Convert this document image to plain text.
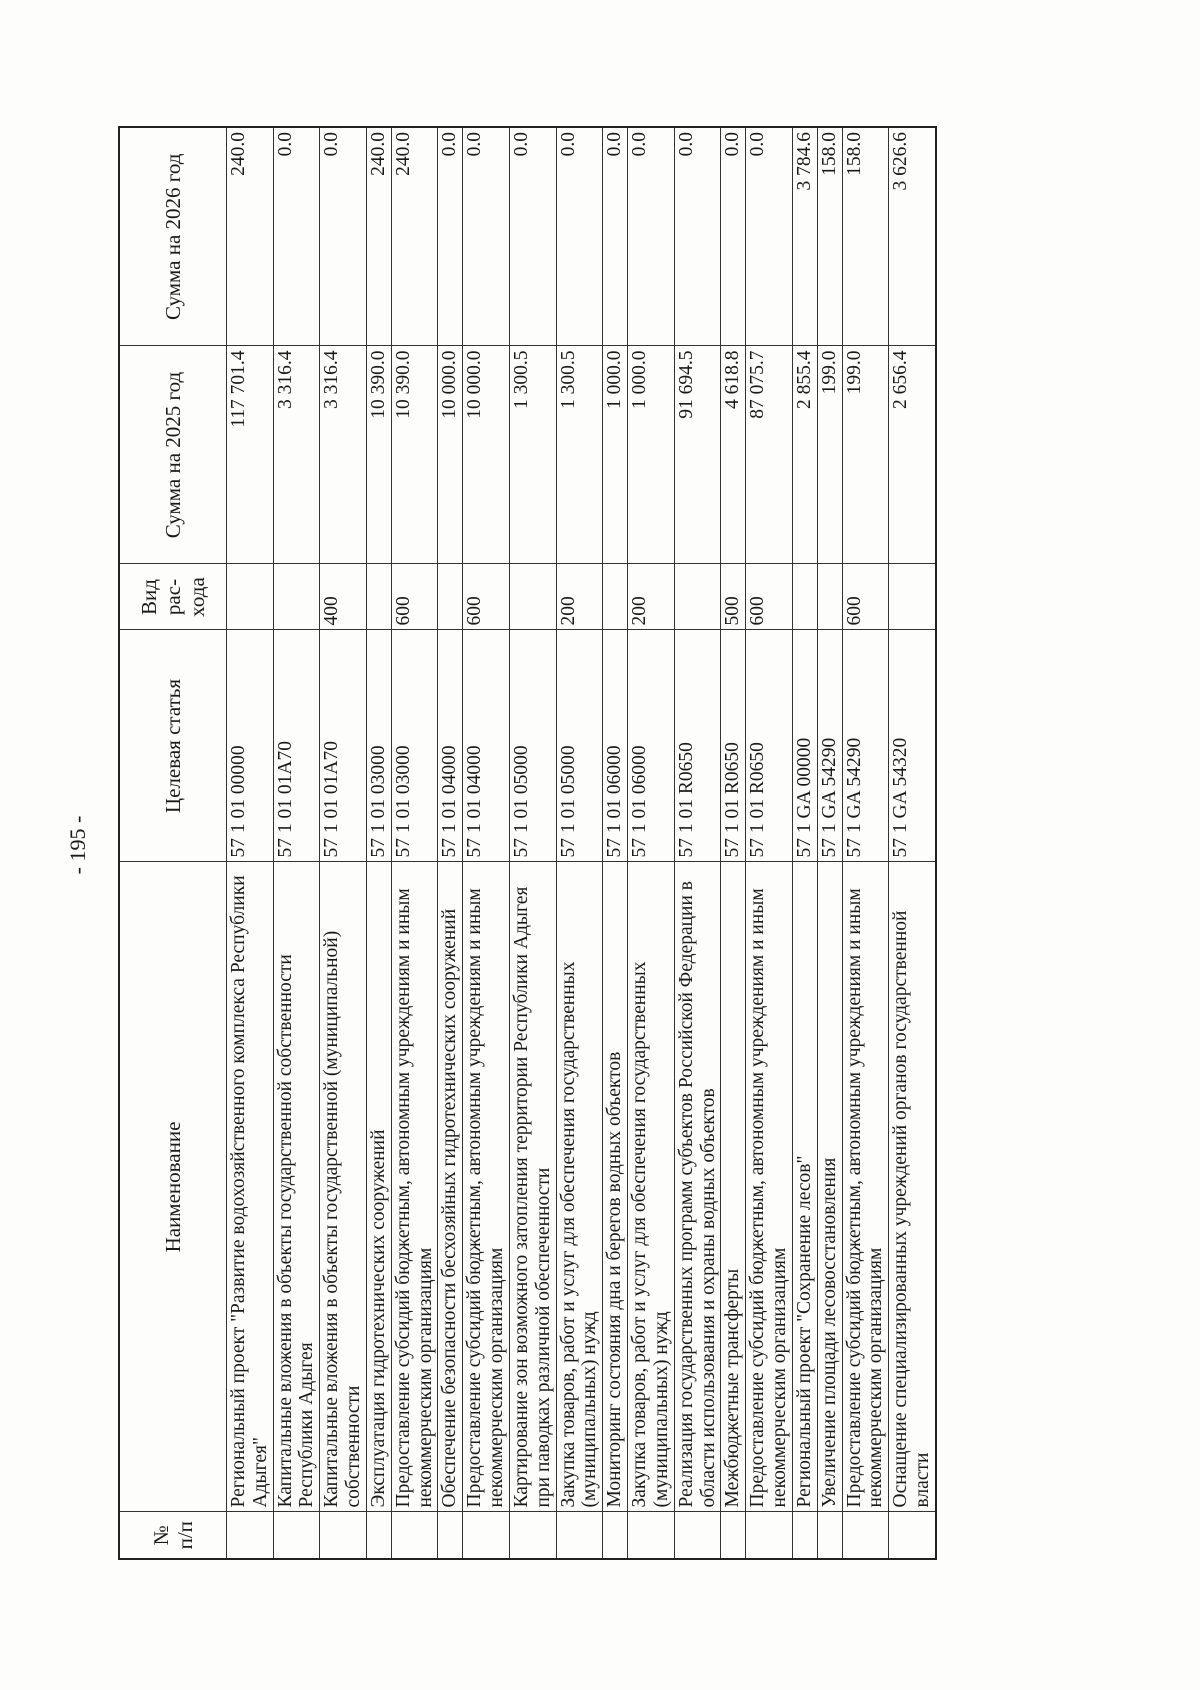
- 195 -
№ п/п	Наименование	Целевая статья	Вид рас-хода	Сумма на 2025 год	Сумма на 2026 год
	Региональный проект "Развитие водохозяйственного комплекса Республики Адыгея"	57 1 01 00000		117 701.4	240.0
	Капитальные вложения в объекты государственной собственности Республики Адыгея	57 1 01 01А70		3 316.4	0.0
	Капитальные вложения в объекты государственной (муниципальной) собственности	57 1 01 01А70	400	3 316.4	0.0
	Эксплуатация гидротехнических сооружений	57 1 01 03000		10 390.0	240.0
	Предоставление субсидий бюджетным, автономным учреждениям и иным некоммерческим организациям	57 1 01 03000	600	10 390.0	240.0
	Обеспечение безопасности бесхозяйных гидротехнических сооружений	57 1 01 04000		10 000.0	0.0
	Предоставление субсидий бюджетным, автономным учреждениям и иным некоммерческим организациям	57 1 01 04000	600	10 000.0	0.0
	Картирование зон возможного затопления территории Республики Адыгея при паводках различной обеспеченности	57 1 01 05000		1 300.5	0.0
	Закупка товаров, работ и услуг для обеспечения государственных (муниципальных) нужд	57 1 01 05000	200	1 300.5	0.0
	Мониторинг состояния дна и берегов водных объектов	57 1 01 06000		1 000.0	0.0
	Закупка товаров, работ и услуг для обеспечения государственных (муниципальных) нужд	57 1 01 06000	200	1 000.0	0.0
	Реализация государственных программ субъектов Российской Федерации в области использования и охраны водных объектов	57 1 01 R0650		91 694.5	0.0
	Межбюджетные трансферты	57 1 01 R0650	500	4 618.8	0.0
	Предоставление субсидий бюджетным, автономным учреждениям и иным некоммерческим организациям	57 1 01 R0650	600	87 075.7	0.0
	Региональный проект "Сохранение лесов"	57 1 GA 00000		2 855.4	3 784.6
	Увеличение площади лесовосстановления	57 1 GA 54290		199.0	158.0
	Предоставление субсидий бюджетным, автономным учреждениям и иным некоммерческим организациям	57 1 GA 54290	600	199.0	158.0
	Оснащение специализированных учреждений органов государственной власти	57 1 GA 54320		2 656.4	3 626.6
